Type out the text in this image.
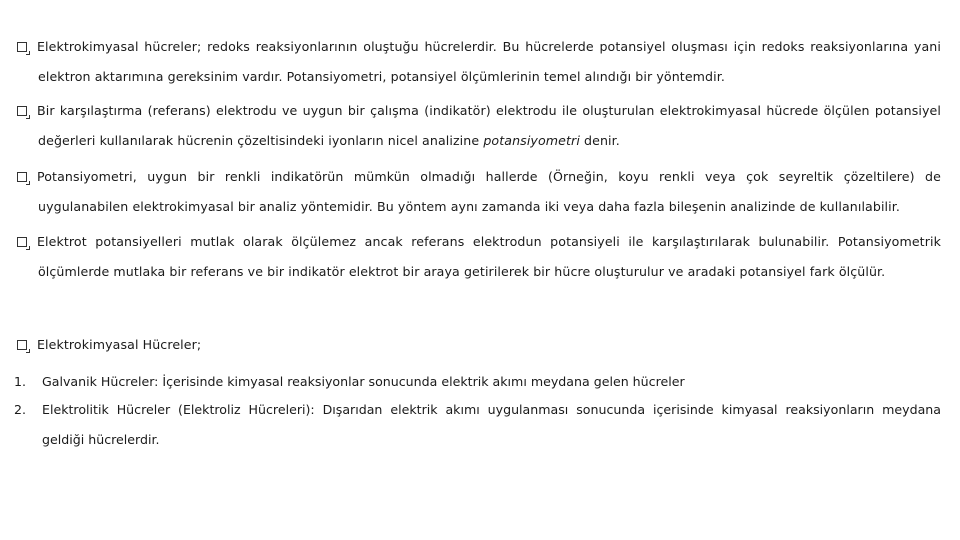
Elektrokimyasal hücreler; redoks reaksiyonlarının oluştuğu hücrelerdir. Bu hücrelerde potansiyel oluşması için redoks reaksiyonlarına yani
elektron aktarımına gereksinim vardır. Potansiyometri, potansiyel ölçümlerinin temel alındığı bir yöntemdir.
Bir karşılaştırma (referans) elektrodu ve uygun bir çalışma (indikatör) elektrodu ile oluşturulan elektrokimyasal hücrede ölçülen potansiyel
değerleri kullanılarak hücrenin çözeltisindeki iyonların nicel analizine potansiyometri denir.
Potansiyometri, uygun bir renkli indikatörün mümkün olmadığı hallerde (Örneğin, koyu renkli veya çok seyreltik çözeltilere) de
uygulanabilen elektrokimyasal bir analiz yöntemidir. Bu yöntem aynı zamanda iki veya daha fazla bileşenin analizinde de kullanılabilir.
Elektrot potansiyelleri mutlak olarak ölçülemez ancak referans elektrodun potansiyeli ile karşılaştırılarak bulunabilir. Potansiyometrik
ölçümlerde mutlaka bir referans ve bir indikatör elektrot bir araya getirilerek bir hücre oluşturulur ve aradaki potansiyel fark ölçülür.
Elektrokimyasal Hücreler;
1. Galvanik Hücreler: İçerisinde kimyasal reaksiyonlar sonucunda elektrik akımı meydana gelen hücreler
2. Elektrolitik Hücreler (Elektroliz Hücreleri): Dışarıdan elektrik akımı uygulanması sonucunda içerisinde kimyasal reaksiyonların meydana
geldiği hücrelerdir.
